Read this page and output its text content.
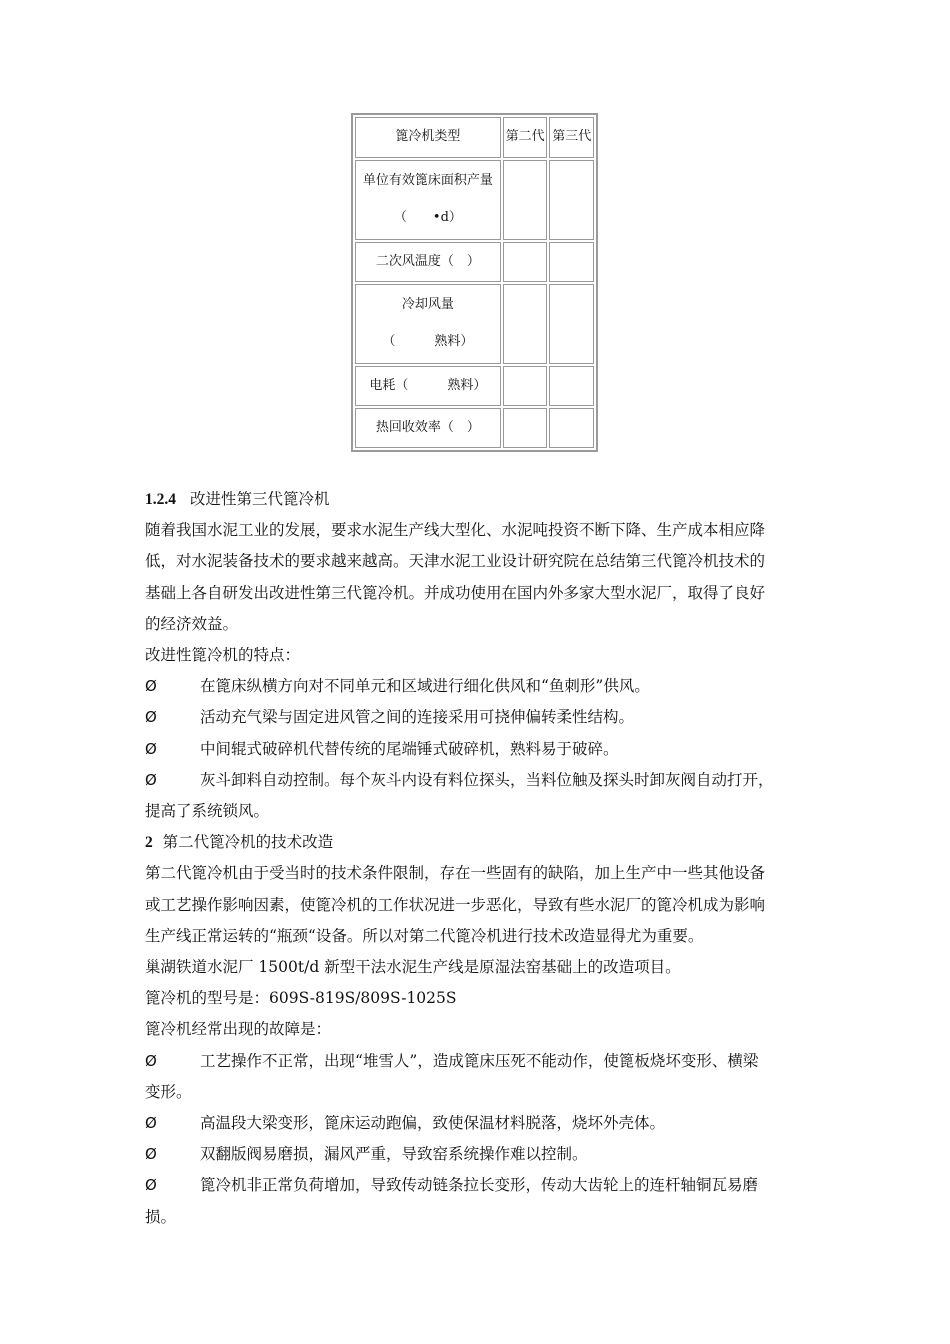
篦冷机类型	第二代	第三代
单位有效篦床面积产量
（　　•d）		

二次风温度（　）		
冷却风量
（　　　熟料）		

电耗（　　　熟料）		
热回收效率（　）		
1.2.4 改进性第三代篦冷机
随着我国水泥工业的发展，要求水泥生产线大型化、水泥吨投资不断下降、生产成本相应降
低，对水泥装备技术的要求越来越高。天津水泥工业设计研究院在总结第三代篦冷机技术的
基础上各自研发出改进性第三代篦冷机。并成功使用在国内外多家大型水泥厂，取得了良好
的经济效益。
改进性篦冷机的特点：
Ø	在篦床纵横方向对不同单元和区域进行细化供风和“鱼刺形”供风。
Ø	活动充气梁与固定进风管之间的连接采用可挠伸偏转柔性结构。
Ø	中间辊式破碎机代替传统的尾端锤式破碎机，熟料易于破碎。
Ø	灰斗卸料自动控制。每个灰斗内设有料位探头，当料位触及探头时卸灰阀自动打开，
提高了系统锁风。
2 第二代篦冷机的技术改造
第二代篦冷机由于受当时的技术条件限制，存在一些固有的缺陷，加上生产中一些其他设备
或工艺操作影响因素，使篦冷机的工作状况进一步恶化，导致有些水泥厂的篦冷机成为影响
生产线正常运转的“瓶颈“设备。所以对第二代篦冷机进行技术改造显得尤为重要。
巢湖铁道水泥厂 1500t/d 新型干法水泥生产线是原湿法窑基础上的改造项目。
篦冷机的型号是：609S-819S/809S-1025S
篦冷机经常出现的故障是：
Ø	工艺操作不正常，出现“堆雪人”，造成篦床压死不能动作，使篦板烧坏变形、横梁
变形。
Ø	高温段大梁变形，篦床运动跑偏，致使保温材料脱落，烧坏外壳体。
Ø	双翻版阀易磨损，漏风严重，导致窑系统操作难以控制。
Ø	篦冷机非正常负荷增加，导致传动链条拉长变形，传动大齿轮上的连杆轴铜瓦易磨
损。
